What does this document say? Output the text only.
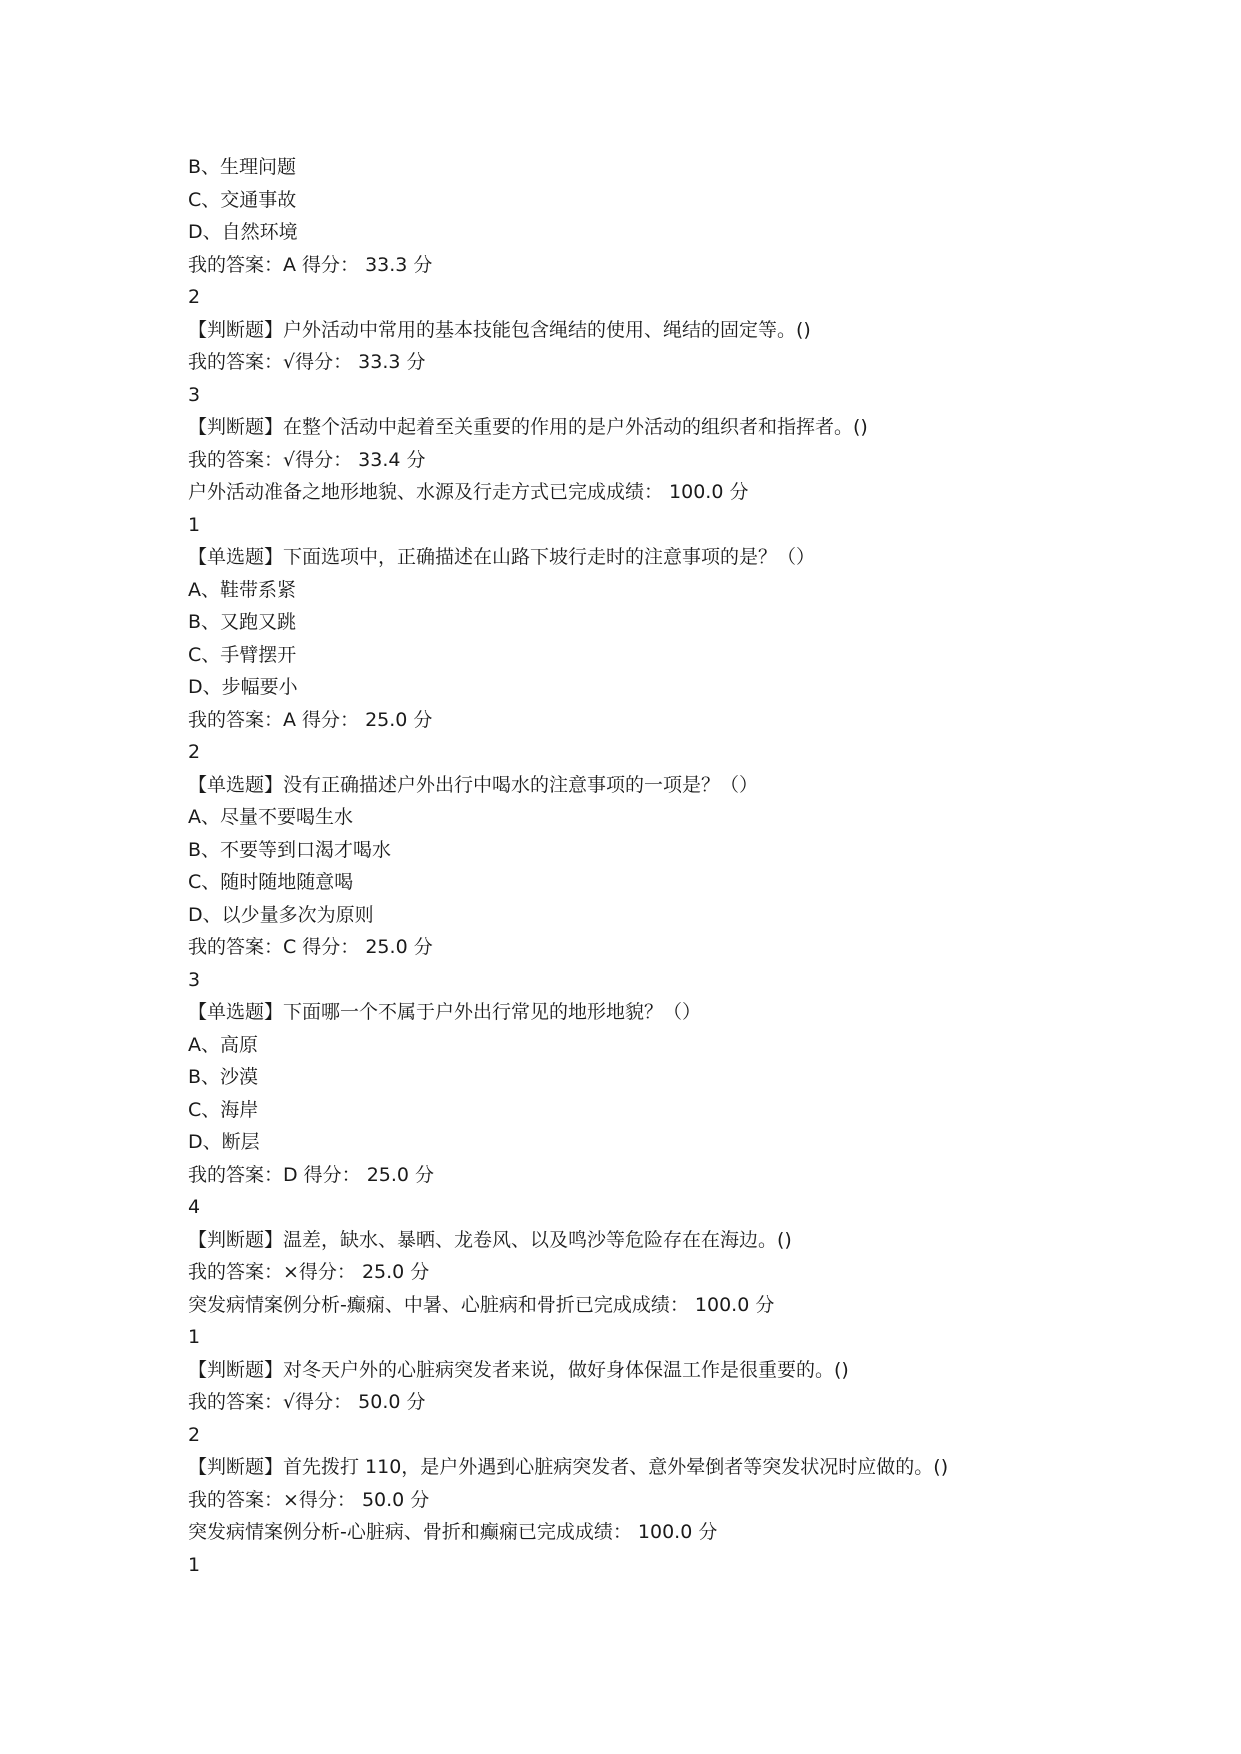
B、生理问题
C、交通事故
D、自然环境
我的答案：A 得分： 33.3 分
2
【判断题】户外活动中常用的基本技能包含绳结的使用、绳结的固定等。()
我的答案：√得分： 33.3 分
3
【判断题】在整个活动中起着至关重要的作用的是户外活动的组织者和指挥者。()
我的答案：√得分： 33.4 分
户外活动准备之地形地貌、水源及行走方式已完成成绩： 100.0 分
1
【单选题】下面选项中，正确描述在山路下坡行走时的注意事项的是？（）
A、鞋带系紧
B、又跑又跳
C、手臂摆开
D、步幅要小
我的答案：A 得分： 25.0 分
2
【单选题】没有正确描述户外出行中喝水的注意事项的一项是？（）
A、尽量不要喝生水
B、不要等到口渴才喝水
C、随时随地随意喝
D、以少量多次为原则
我的答案：C 得分： 25.0 分
3
【单选题】下面哪一个不属于户外出行常见的地形地貌？（）
A、高原
B、沙漠
C、海岸
D、断层
我的答案：D 得分： 25.0 分
4
【判断题】温差，缺水、暴晒、龙卷风、以及鸣沙等危险存在在海边。()
我的答案：×得分： 25.0 分
突发病情案例分析-癫痫、中暑、心脏病和骨折已完成成绩： 100.0 分
1
【判断题】对冬天户外的心脏病突发者来说，做好身体保温工作是很重要的。()
我的答案：√得分： 50.0 分
2
【判断题】首先拨打 110，是户外遇到心脏病突发者、意外晕倒者等突发状况时应做的。()
我的答案：×得分： 50.0 分
突发病情案例分析-心脏病、骨折和癫痫已完成成绩： 100.0 分
1
